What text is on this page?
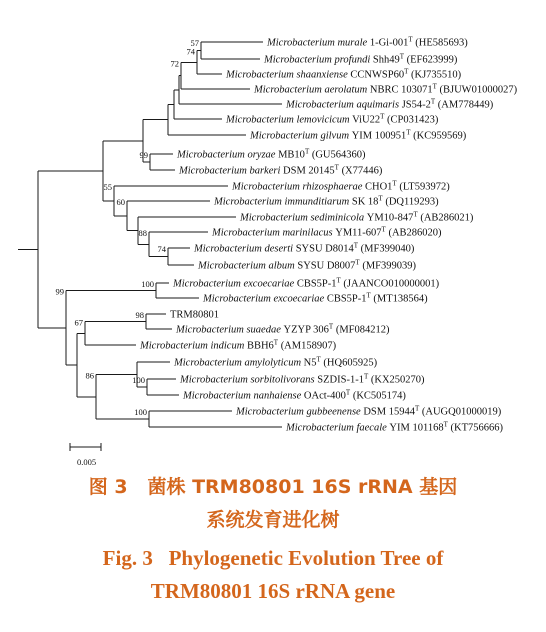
57
74
72
99
74
88
60
55
100
98
67
100
100
86
99
Microbacterium murale $1-Gi-001^T$ (HE585693)
Microbacterium profundi $Shh49^T$ (EF623999)
Microbacterium shaanxiense $CCNWSP60^T$ (KJ735510)
Microbacterium aerolatum NBRC $103071^T$ (BJUW01000027)
Microbacterium aquimaris $JS54-2^T$ (AM778449)
Microbacterium lemovicicum $ViU22^T$ (CP031423)
Microbacterium gilvum YIM $100951^T$ (KC959569)
Microbacterium oryzae $MB10^T$ (GU564360)
Microbacterium barkeri DSM $20145^T$ (X77446)
Microbacterium rhizosphaerae $CHO1^T$ (LT593972)
Microbacterium immunditiarum SK $18^T$ (DQ119293)
Microbacterium sediminicola $YM10-847^T$ (AB286021)
Microbacterium marinilacus $YM11-607^T$ (AB286020)
Microbacterium deserti SYSU $D8014^T$ (MF399040)
Microbacterium album SYSU $D8007^T$ (MF399039)
Microbacterium excoecariae $CBS5P-1^T$ (JAANCO010000001)
Microbacterium excoecariae $CBS5P-1^T$ (MT138564)
TRM80801
Microbacterium suaedae YZYP $306^T$ (MF084212)
Microbacterium indicum $BBH6^T$ (AM158907)
Microbacterium amylolyticum $N5^T$ (HQ605925)
Microbacterium sorbitolivorans SZDIS-$1-1^T$ (KX250270)
Microbacterium nanhaiense OAct-$400^T$ (KC505174)
Microbacterium gubbeenense DSM $15944^T$ (AUGQ01000019)
Microbacterium faecale YIM $101168^T$ (KT756666)
0.005
图 3 菌株 TRM80801 16S rRNA 基因
系统发育进化树
Fig. 3 Phylogenetic Evolution Tree of
TRM80801 16S rRNA gene
